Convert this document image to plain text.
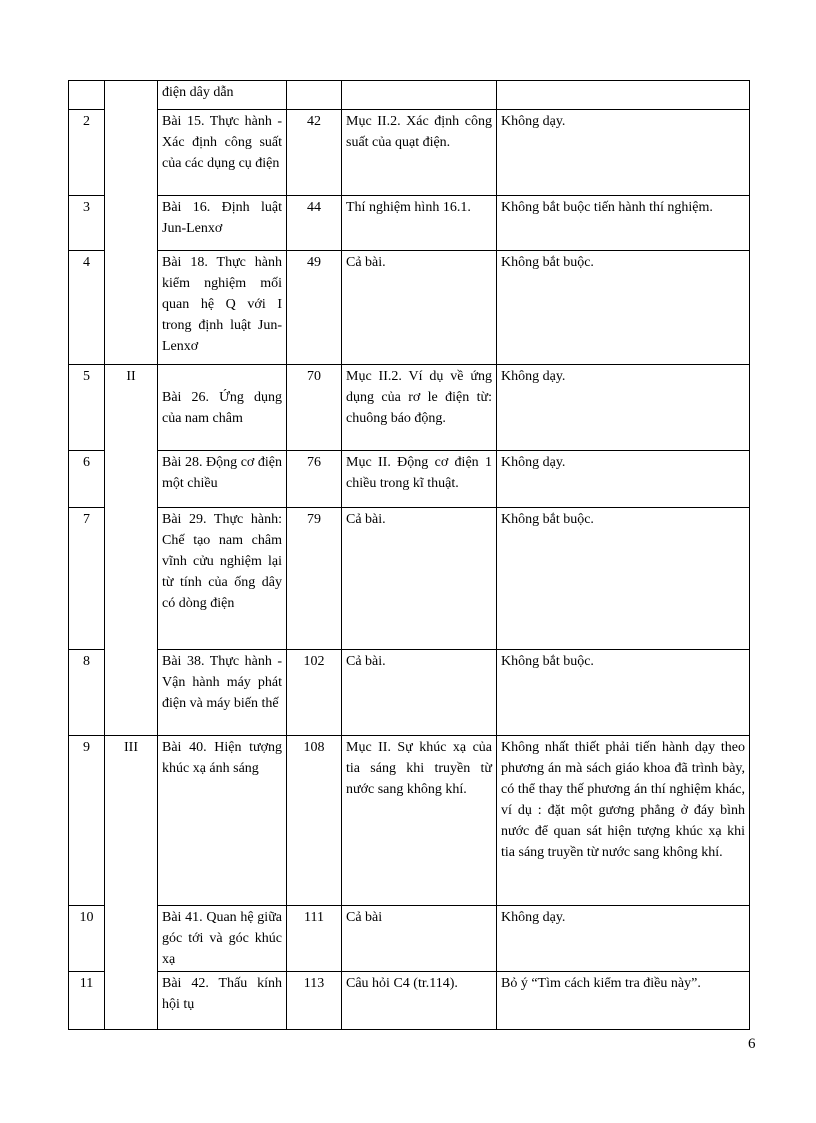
		điện dây dẫn			
2		Bài 15. Thực hành - Xác định công suất của các dụng cụ điện	42	Mục II.2. Xác định công suất của quạt điện.	Không dạy.
3		Bài 16. Định luật Jun-Lenxơ	44	Thí nghiệm hình 16.1.	Không bắt buộc tiến hành thí nghiệm.
4		Bài 18. Thực hành kiểm nghiệm mối quan hệ Q với I trong định luật Jun-Lenxơ	49	Cả bài.	Không bắt buộc.
5	II	Bài 26. Ứng dụng của nam châm	70	Mục II.2. Ví dụ về ứng dụng của rơ le điện từ: chuông báo động.	Không dạy.
6		Bài 28. Động cơ điện một chiều	76	Mục II. Động cơ điện 1 chiều trong kĩ thuật.	Không dạy.
7		Bài 29. Thực hành: Chế tạo nam châm vĩnh cửu nghiệm lại từ tính của ống dây có dòng điện	79	Cả bài.	Không bắt buộc.
8		Bài 38. Thực hành - Vận hành máy phát điện và máy biến thế	102	Cả bài.	Không bắt buộc.
9	III	Bài 40. Hiện tượng khúc xạ ánh sáng	108	Mục II. Sự khúc xạ của tia sáng khi truyền từ nước sang không khí.	Không nhất thiết phải tiến hành dạy theo phương án mà sách giáo khoa đã trình bày, có thể thay thế phương án thí nghiệm khác, ví dụ : đặt một gương phẳng ở đáy bình nước để quan sát hiện tượng khúc xạ khi tia sáng truyền từ nước sang không khí.
10		Bài 41. Quan hệ giữa góc tới và góc khúc xạ	111	Cả bài	Không dạy.
11		Bài 42. Thấu kính hội tụ	113	Câu hỏi C4 (tr.114).	Bỏ ý “Tìm cách kiểm tra điều này”.
6
